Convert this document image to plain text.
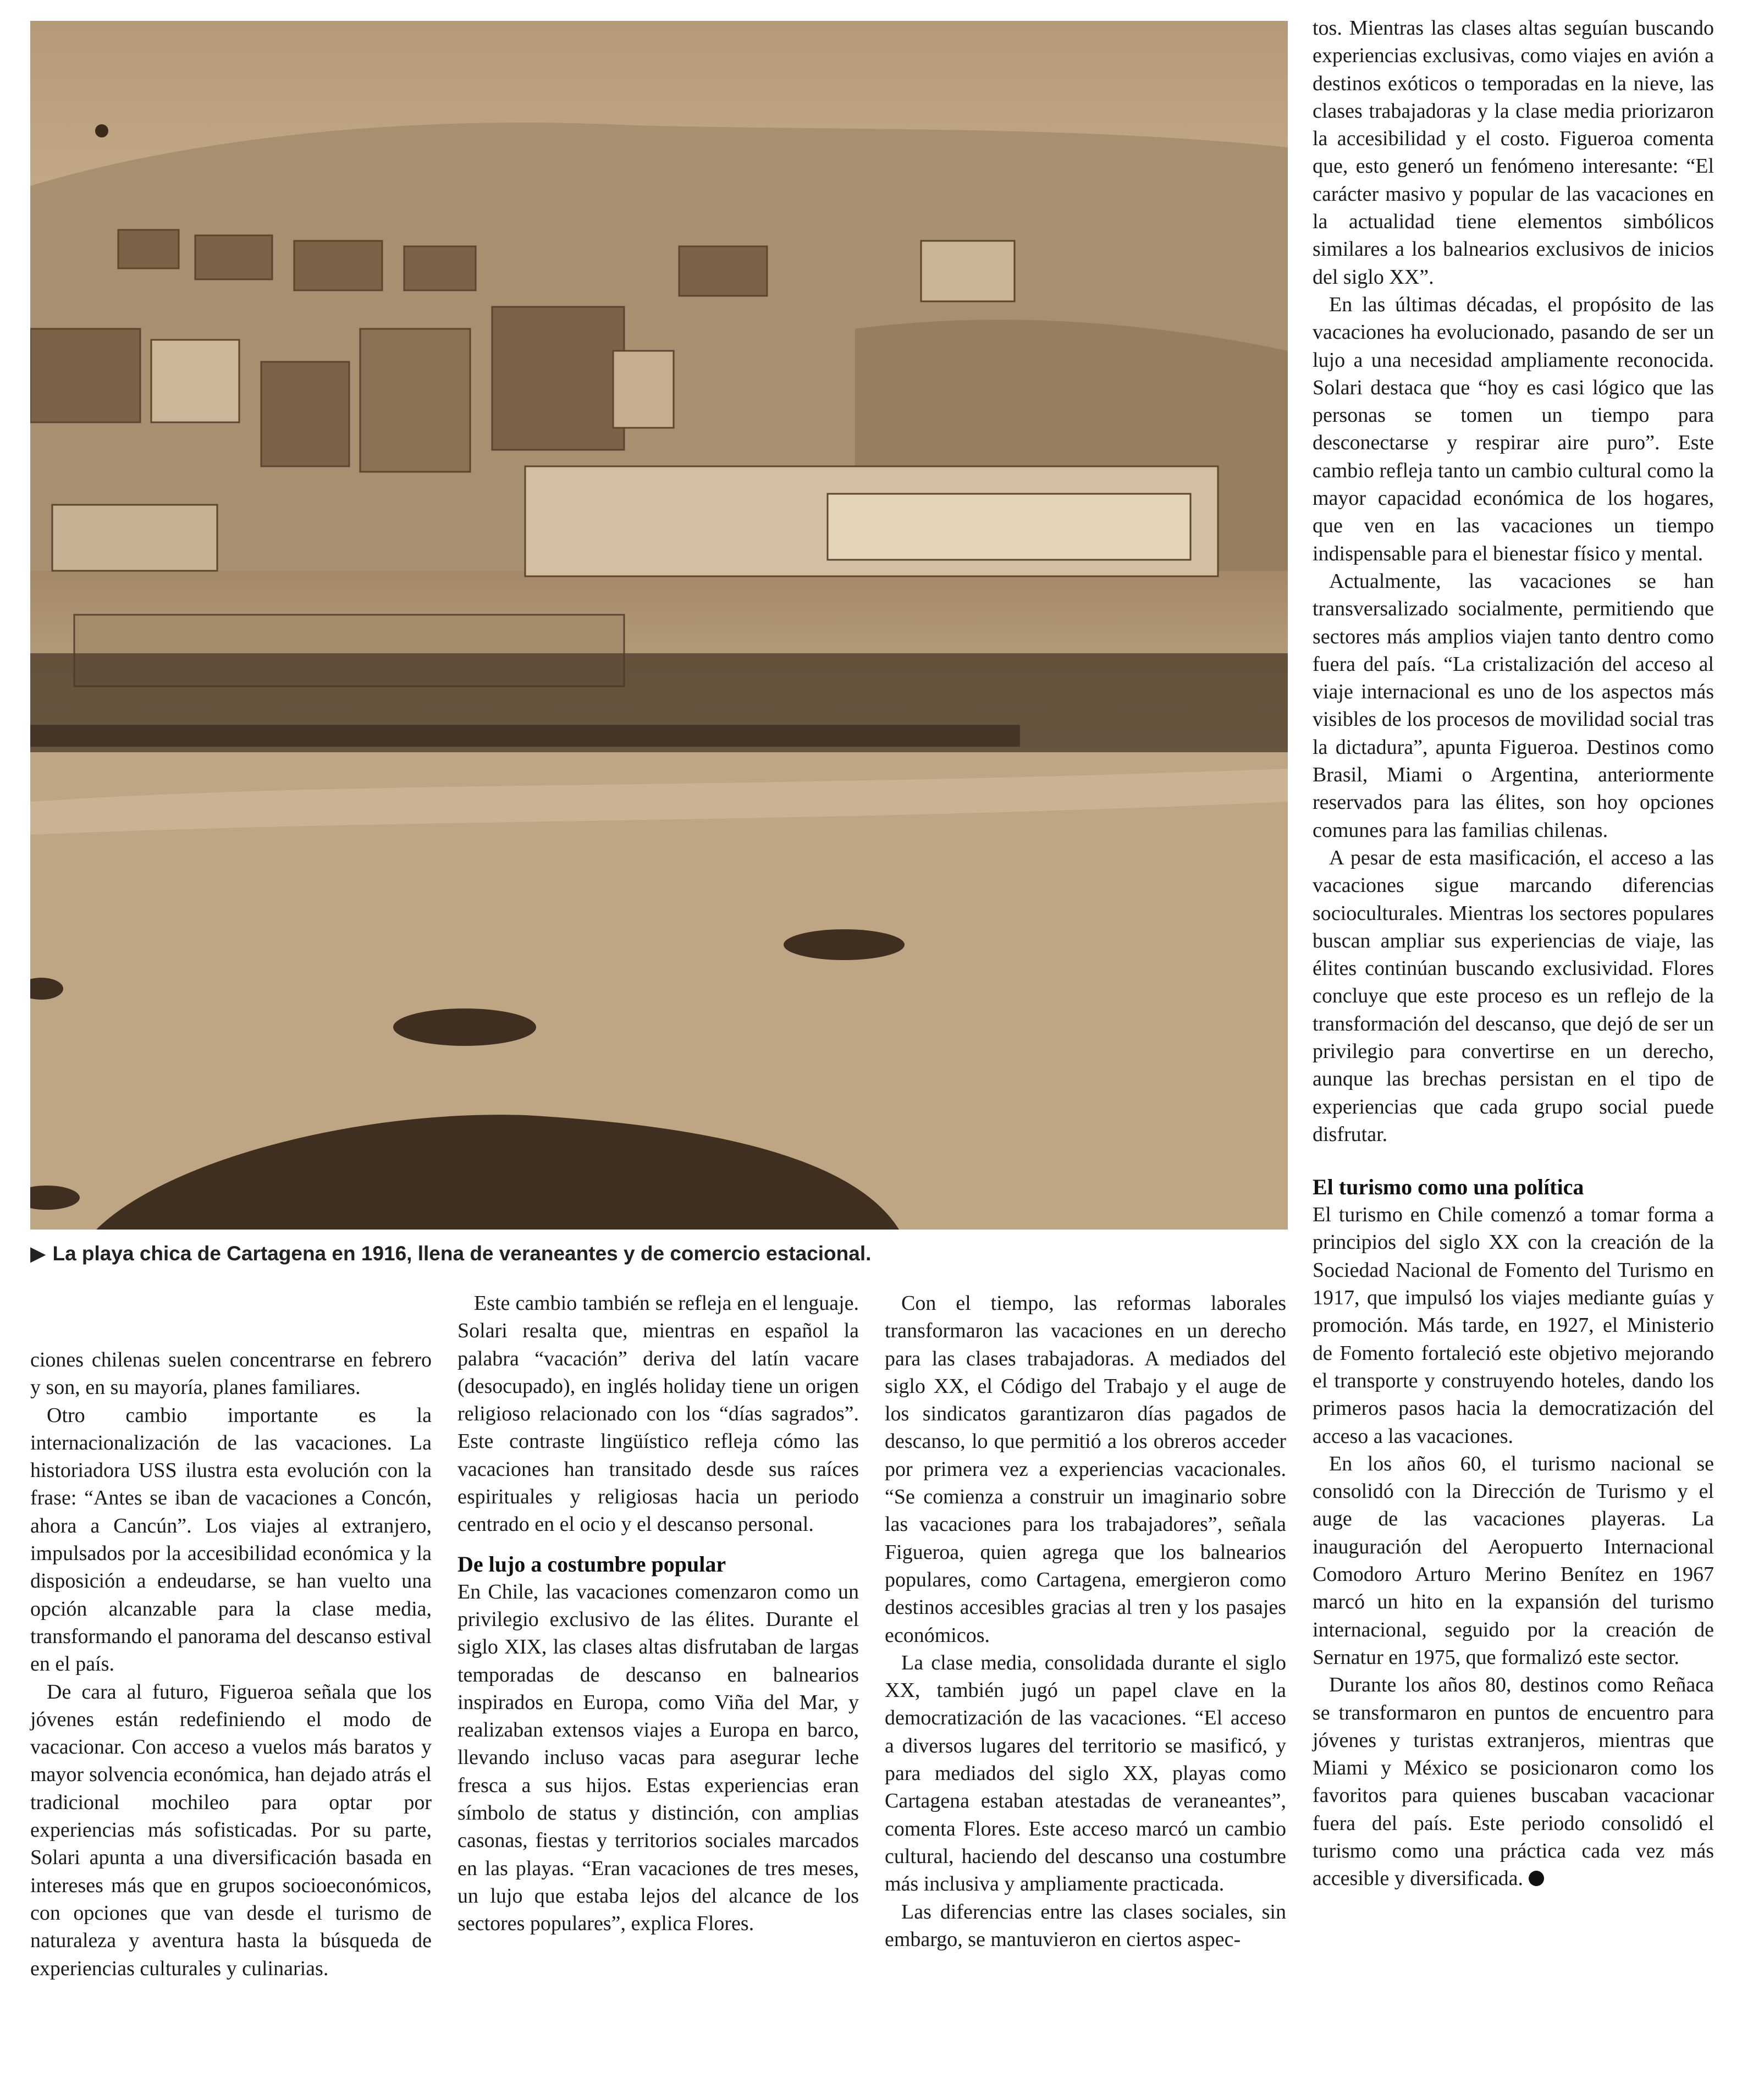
▶ La playa chica de Cartagena en 1916, llena de veraneantes y de comercio estacional.

ciones chilenas suelen concentrarse en febrero y son, en su mayoría, planes familiares.

Otro cambio importante es la internacionalización de las vacaciones. La historiadora USS ilustra esta evolución con la frase: “Antes se iban de vacaciones a Concón, ahora a Cancún”. Los viajes al extranjero, impulsados por la accesibilidad económica y la disposición a endeudarse, se han vuelto una opción alcanzable para la clase media, transformando el panorama del descanso estival en el país.

De cara al futuro, Figueroa señala que los jóvenes están redefiniendo el modo de vacacionar. Con acceso a vuelos más baratos y mayor solvencia económica, han dejado atrás el tradicional mochileo para optar por experiencias más sofisticadas. Por su parte, Solari apunta a una diversificación basada en intereses más que en grupos socioeconómicos, con opciones que van desde el turismo de naturaleza y aventura hasta la búsqueda de experiencias culturales y culinarias.

Este cambio también se refleja en el lenguaje. Solari resalta que, mientras en español la palabra “vacación” deriva del latín vacare (desocupado), en inglés holiday tiene un origen religioso relacionado con los “días sagrados”. Este contraste lingüístico refleja cómo las vacaciones han transitado desde sus raíces espirituales y religiosas hacia un periodo centrado en el ocio y el descanso personal.

De lujo a costumbre popular

En Chile, las vacaciones comenzaron como un privilegio exclusivo de las élites. Durante el siglo XIX, las clases altas disfrutaban de largas temporadas de descanso en balnearios inspirados en Europa, como Viña del Mar, y realizaban extensos viajes a Europa en barco, llevando incluso vacas para asegurar leche fresca a sus hijos. Estas experiencias eran símbolo de status y distinción, con amplias casonas, fiestas y territorios sociales marcados en las playas. “Eran vacaciones de tres meses, un lujo que estaba lejos del alcance de los sectores populares”, explica Flores.

Con el tiempo, las reformas laborales transformaron las vacaciones en un derecho para las clases trabajadoras. A mediados del siglo XX, el Código del Trabajo y el auge de los sindicatos garantizaron días pagados de descanso, lo que permitió a los obreros acceder por primera vez a experiencias vacacionales. “Se comienza a construir un imaginario sobre las vacaciones para los trabajadores”, señala Figueroa, quien agrega que los balnearios populares, como Cartagena, emergieron como destinos accesibles gracias al tren y los pasajes económicos.

La clase media, consolidada durante el siglo XX, también jugó un papel clave en la democratización de las vacaciones. “El acceso a diversos lugares del territorio se masificó, y para mediados del siglo XX, playas como Cartagena estaban atestadas de veraneantes”, comenta Flores. Este acceso marcó un cambio cultural, haciendo del descanso una costumbre más inclusiva y ampliamente practicada.

Las diferencias entre las clases sociales, sin embargo, se mantuvieron en ciertos aspec-

tos. Mientras las clases altas seguían buscando experiencias exclusivas, como viajes en avión a destinos exóticos o temporadas en la nieve, las clases trabajadoras y la clase media priorizaron la accesibilidad y el costo. Figueroa comenta que, esto generó un fenómeno interesante: “El carácter masivo y popular de las vacaciones en la actualidad tiene elementos simbólicos similares a los balnearios exclusivos de inicios del siglo XX”.

En las últimas décadas, el propósito de las vacaciones ha evolucionado, pasando de ser un lujo a una necesidad ampliamente reconocida. Solari destaca que “hoy es casi lógico que las personas se tomen un tiempo para desconectarse y respirar aire puro”. Este cambio refleja tanto un cambio cultural como la mayor capacidad económica de los hogares, que ven en las vacaciones un tiempo indispensable para el bienestar físico y mental.

Actualmente, las vacaciones se han transversalizado socialmente, permitiendo que sectores más amplios viajen tanto dentro como fuera del país. “La cristalización del acceso al viaje internacional es uno de los aspectos más visibles de los procesos de movilidad social tras la dictadura”, apunta Figueroa. Destinos como Brasil, Miami o Argentina, anteriormente reservados para las élites, son hoy opciones comunes para las familias chilenas.

A pesar de esta masificación, el acceso a las vacaciones sigue marcando diferencias socioculturales. Mientras los sectores populares buscan ampliar sus experiencias de viaje, las élites continúan buscando exclusividad. Flores concluye que este proceso es un reflejo de la transformación del descanso, que dejó de ser un privilegio para convertirse en un derecho, aunque las brechas persistan en el tipo de experiencias que cada grupo social puede disfrutar.

El turismo como una política

El turismo en Chile comenzó a tomar forma a principios del siglo XX con la creación de la Sociedad Nacional de Fomento del Turismo en 1917, que impulsó los viajes mediante guías y promoción. Más tarde, en 1927, el Ministerio de Fomento fortaleció este objetivo mejorando el transporte y construyendo hoteles, dando los primeros pasos hacia la democratización del acceso a las vacaciones.

En los años 60, el turismo nacional se consolidó con la Dirección de Turismo y el auge de las vacaciones playeras. La inauguración del Aeropuerto Internacional Comodoro Arturo Merino Benítez en 1967 marcó un hito en la expansión del turismo internacional, seguido por la creación de Sernatur en 1975, que formalizó este sector.

Durante los años 80, destinos como Reñaca se transformaron en puntos de encuentro para jóvenes y turistas extranjeros, mientras que Miami y México se posicionaron como los favoritos para quienes buscaban vacacionar fuera del país. Este periodo consolidó el turismo como una práctica cada vez más accesible y diversificada.
